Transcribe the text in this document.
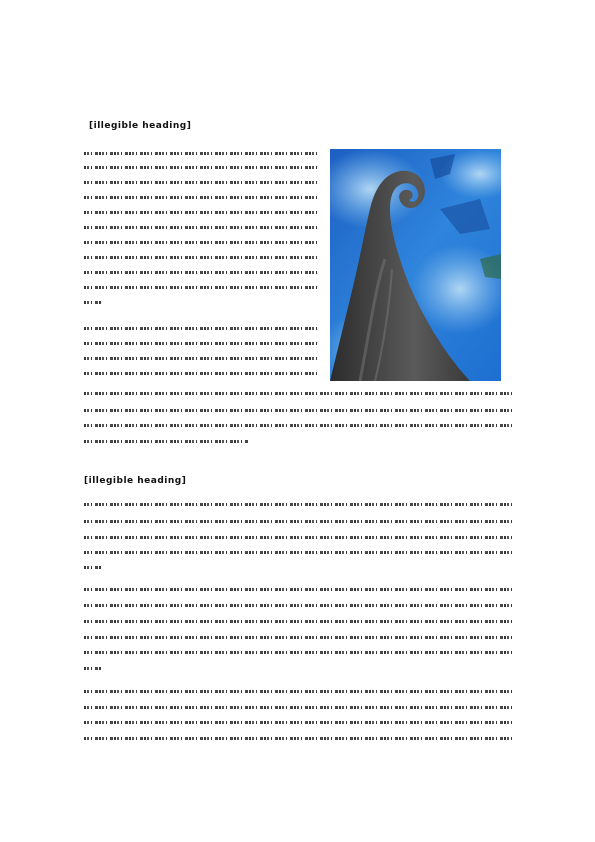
[illegible heading]
[illegible heading]
